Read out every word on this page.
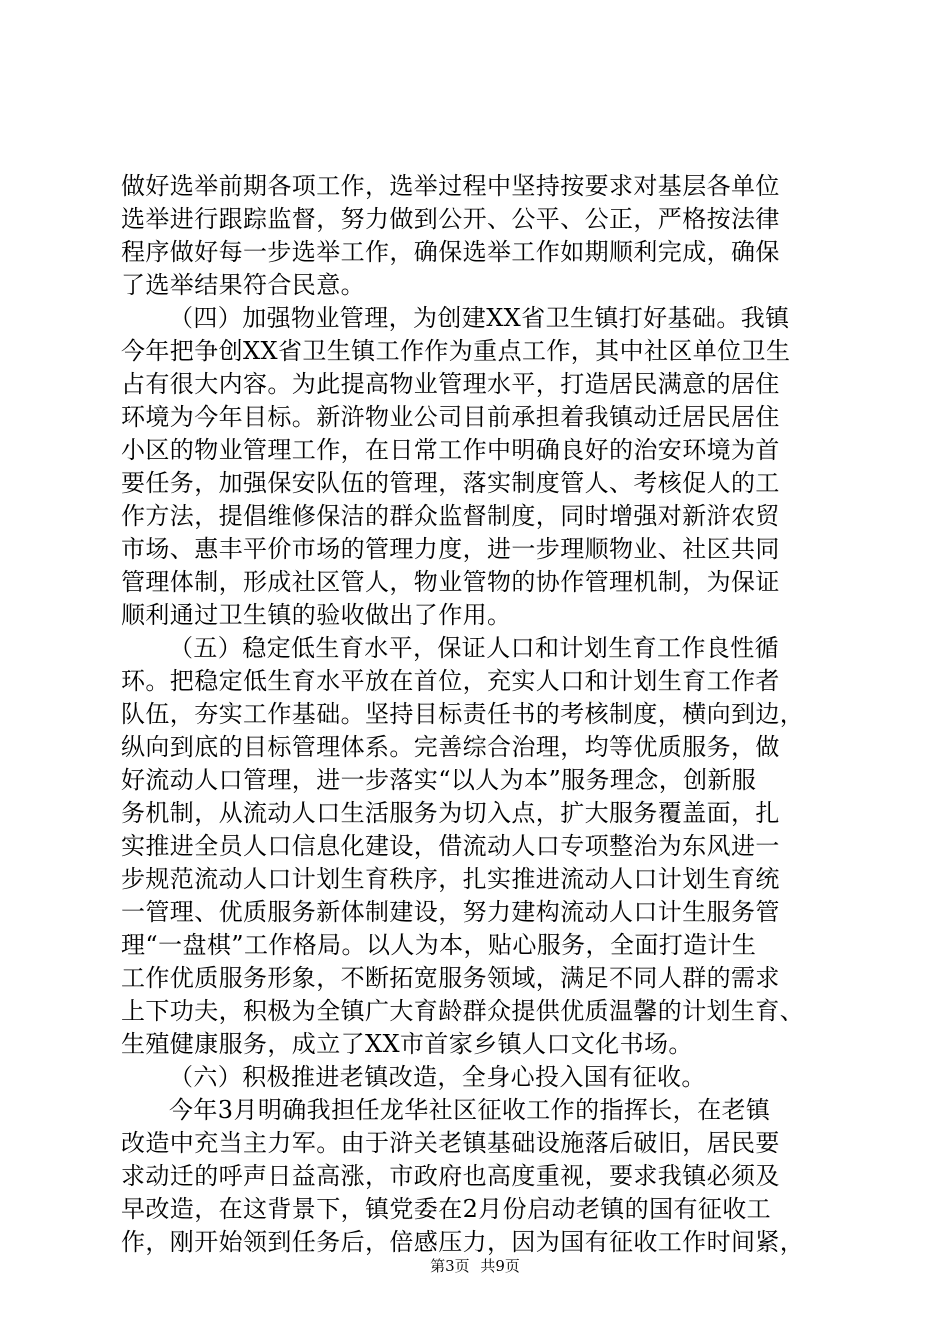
做好选举前期各项工作，选举过程中坚持按要求对基层各单位
选举进行跟踪监督，努力做到公开、公平、公正，严格按法律
程序做好每一步选举工作，确保选举工作如期顺利完成，确保
了选举结果符合民意。
（四）加强物业管理，为创建XX省卫生镇打好基础。我镇
今年把争创XX省卫生镇工作作为重点工作，其中社区单位卫生
占有很大内容。为此提高物业管理水平，打造居民满意的居住
环境为今年目标。新浒物业公司目前承担着我镇动迁居民居住
小区的物业管理工作，在日常工作中明确良好的治安环境为首
要任务，加强保安队伍的管理，落实制度管人、考核促人的工
作方法，提倡维修保洁的群众监督制度，同时增强对新浒农贸
市场、惠丰平价市场的管理力度，进一步理顺物业、社区共同
管理体制，形成社区管人，物业管物的协作管理机制，为保证
顺利通过卫生镇的验收做出了作用。
（五）稳定低生育水平，保证人口和计划生育工作良性循
环。把稳定低生育水平放在首位，充实人口和计划生育工作者
队伍，夯实工作基础。坚持目标责任书的考核制度，横向到边，
纵向到底的目标管理体系。完善综合治理，均等优质服务，做
好流动人口管理，进一步落实“以人为本”服务理念，创新服
务机制，从流动人口生活服务为切入点，扩大服务覆盖面，扎
实推进全员人口信息化建设，借流动人口专项整治为东风进一
步规范流动人口计划生育秩序，扎实推进流动人口计划生育统
一管理、优质服务新体制建设，努力建构流动人口计生服务管
理“一盘棋”工作格局。以人为本，贴心服务，全面打造计生
工作优质服务形象，不断拓宽服务领域，满足不同人群的需求
上下功夫，积极为全镇广大育龄群众提供优质温馨的计划生育、
生殖健康服务，成立了XX市首家乡镇人口文化书场。
（六）积极推进老镇改造，全身心投入国有征收。
今年3月明确我担任龙华社区征收工作的指挥长，在老镇
改造中充当主力军。由于浒关老镇基础设施落后破旧，居民要
求动迁的呼声日益高涨，市政府也高度重视，要求我镇必须及
早改造，在这背景下，镇党委在2月份启动老镇的国有征收工
作，刚开始领到任务后，倍感压力，因为国有征收工作时间紧，
第3页 共9页
